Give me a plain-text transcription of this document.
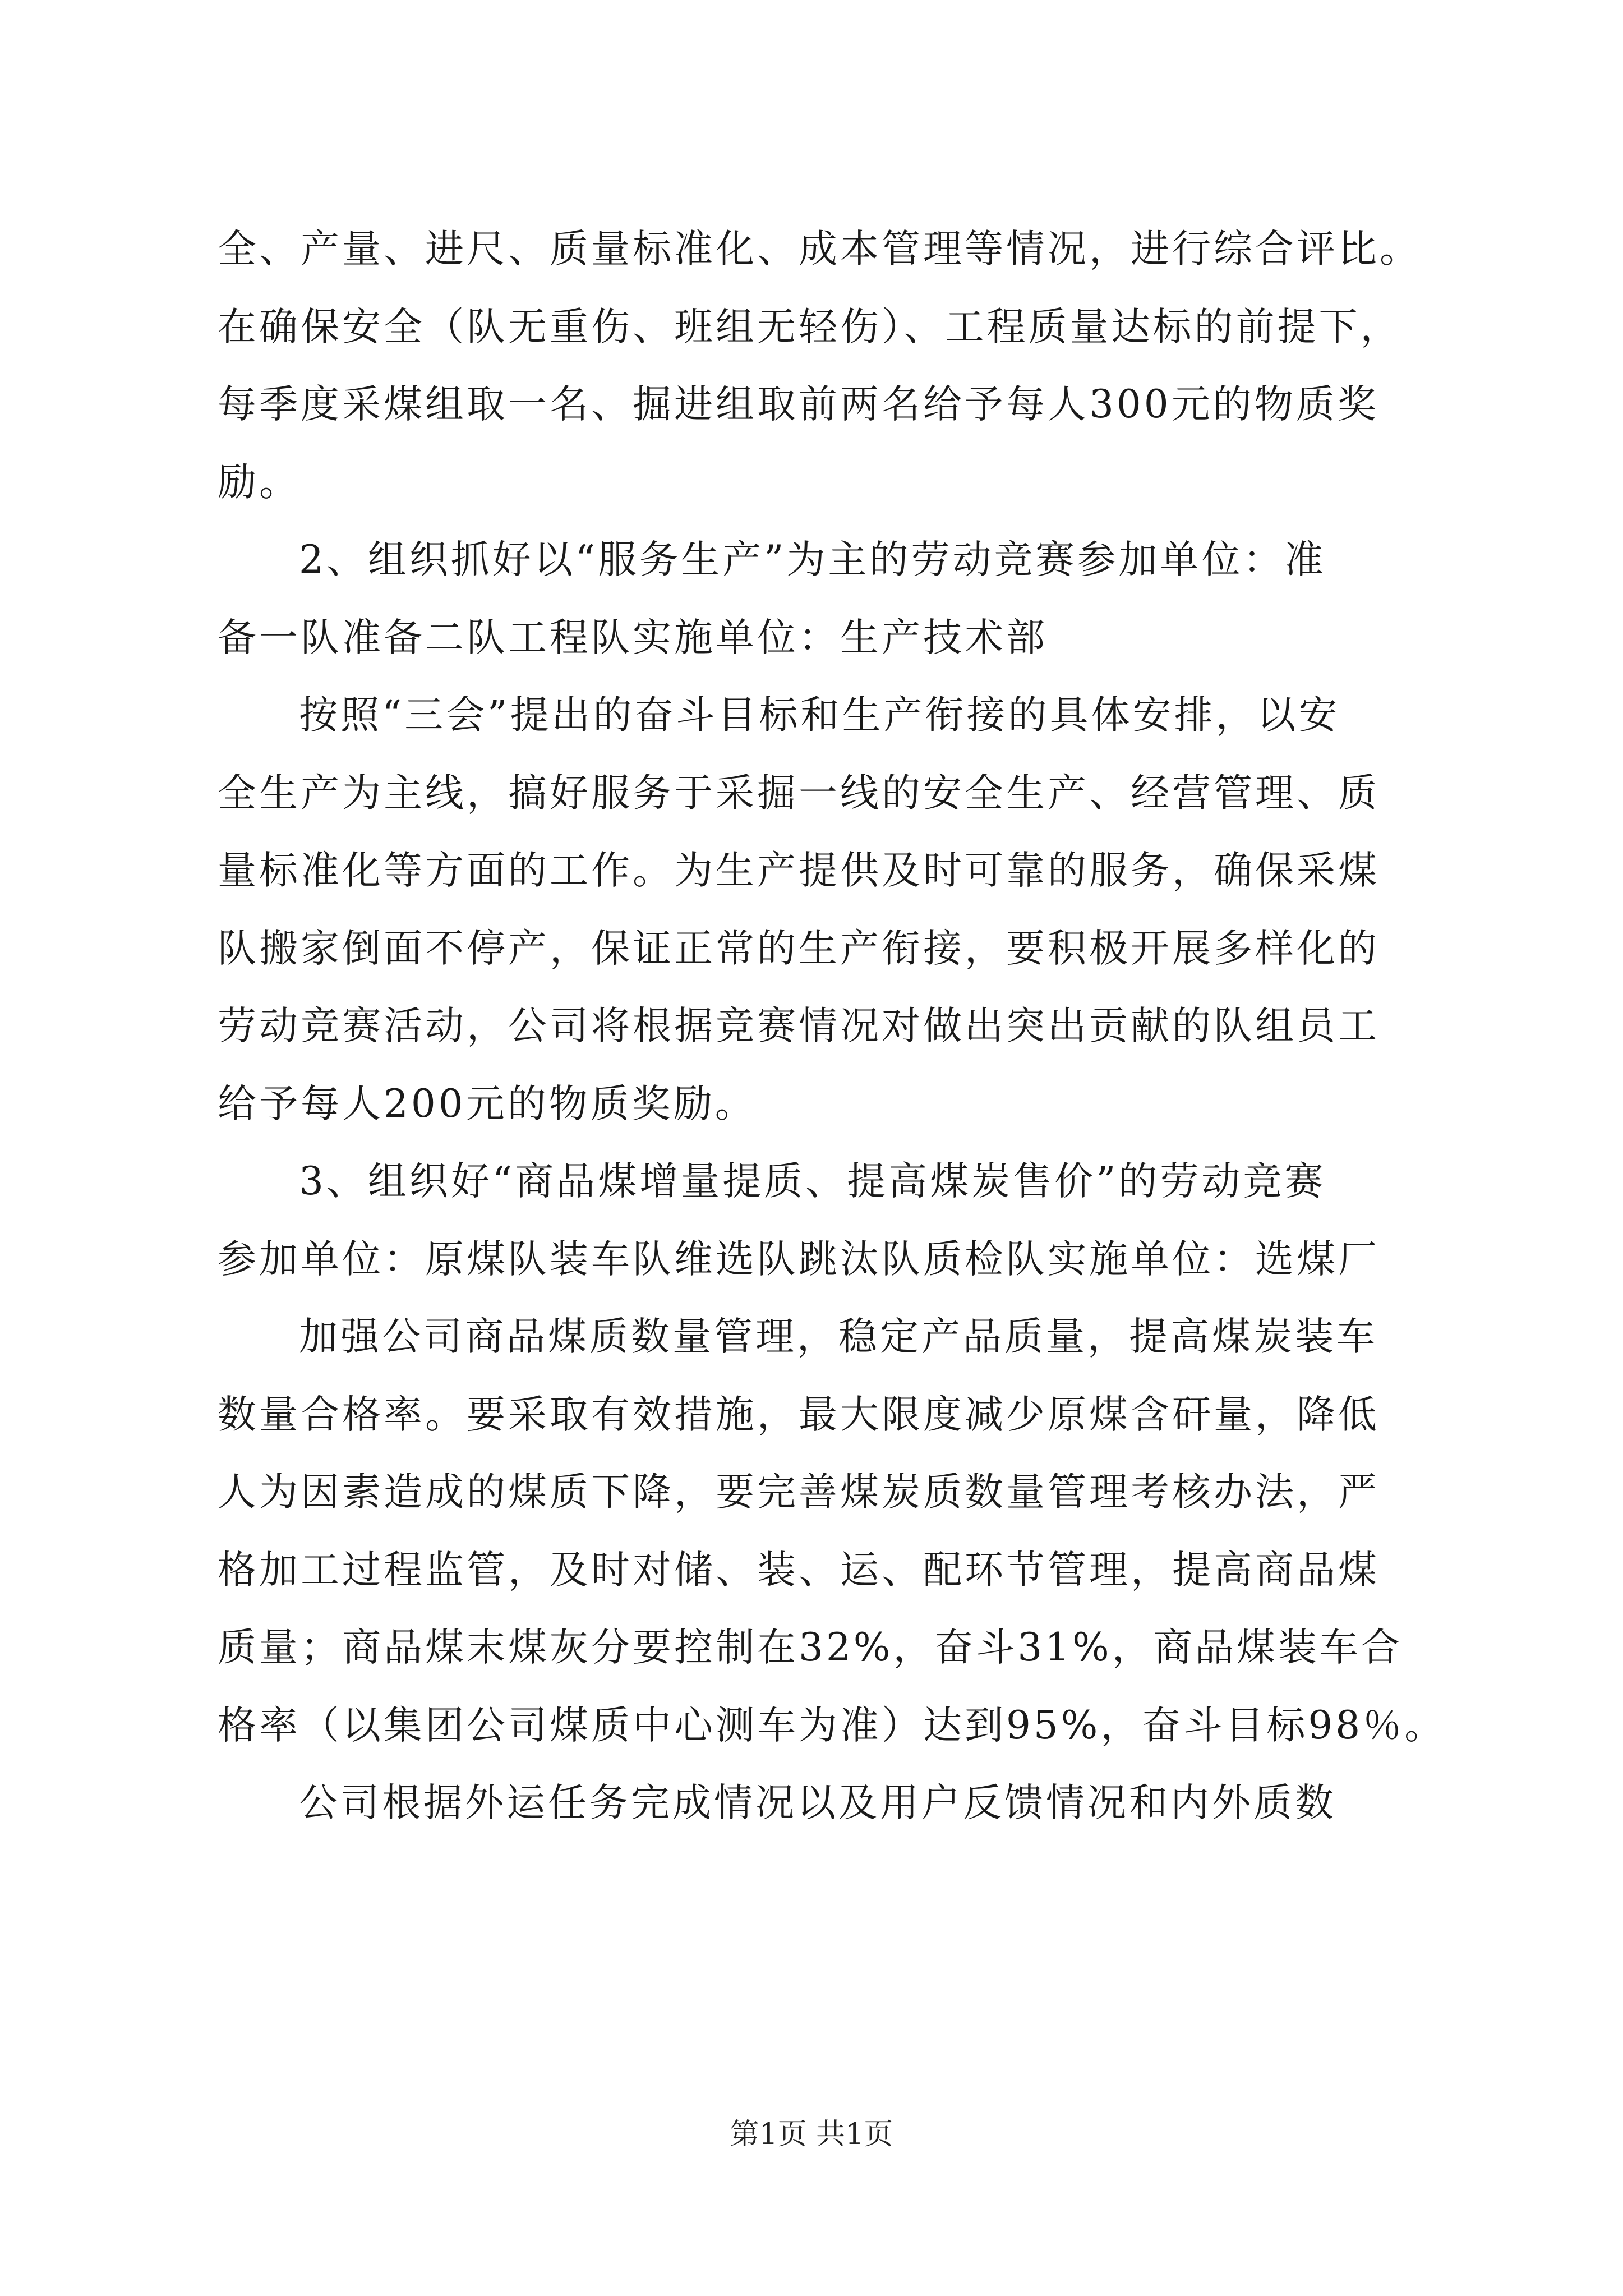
全、产量、进尺、质量标准化、成本管理等情况，进行综合评比。
在确保安全（队无重伤、班组无轻伤）、工程质量达标的前提下，
每季度采煤组取一名、掘进组取前两名给予每人300元的物质奖
励。
2、组织抓好以“服务生产”为主的劳动竞赛参加单位：准
备一队准备二队工程队实施单位：生产技术部
按照“三会”提出的奋斗目标和生产衔接的具体安排，以安
全生产为主线，搞好服务于采掘一线的安全生产、经营管理、质
量标准化等方面的工作。为生产提供及时可靠的服务，确保采煤
队搬家倒面不停产，保证正常的生产衔接，要积极开展多样化的
劳动竞赛活动，公司将根据竞赛情况对做出突出贡献的队组员工
给予每人200元的物质奖励。
3、组织好“商品煤增量提质、提高煤炭售价”的劳动竞赛
参加单位：原煤队装车队维选队跳汰队质检队实施单位：选煤厂
加强公司商品煤质数量管理，稳定产品质量，提高煤炭装车
数量合格率。要采取有效措施，最大限度减少原煤含矸量，降低
人为因素造成的煤质下降，要完善煤炭质数量管理考核办法，严
格加工过程监管，及时对储、装、运、配环节管理，提高商品煤
质量；商品煤末煤灰分要控制在32%，奋斗31%，商品煤装车合
格率（以集团公司煤质中心测车为准）达到95%，奋斗目标98％。
公司根据外运任务完成情况以及用户反馈情况和内外质数
第1页 共1页
